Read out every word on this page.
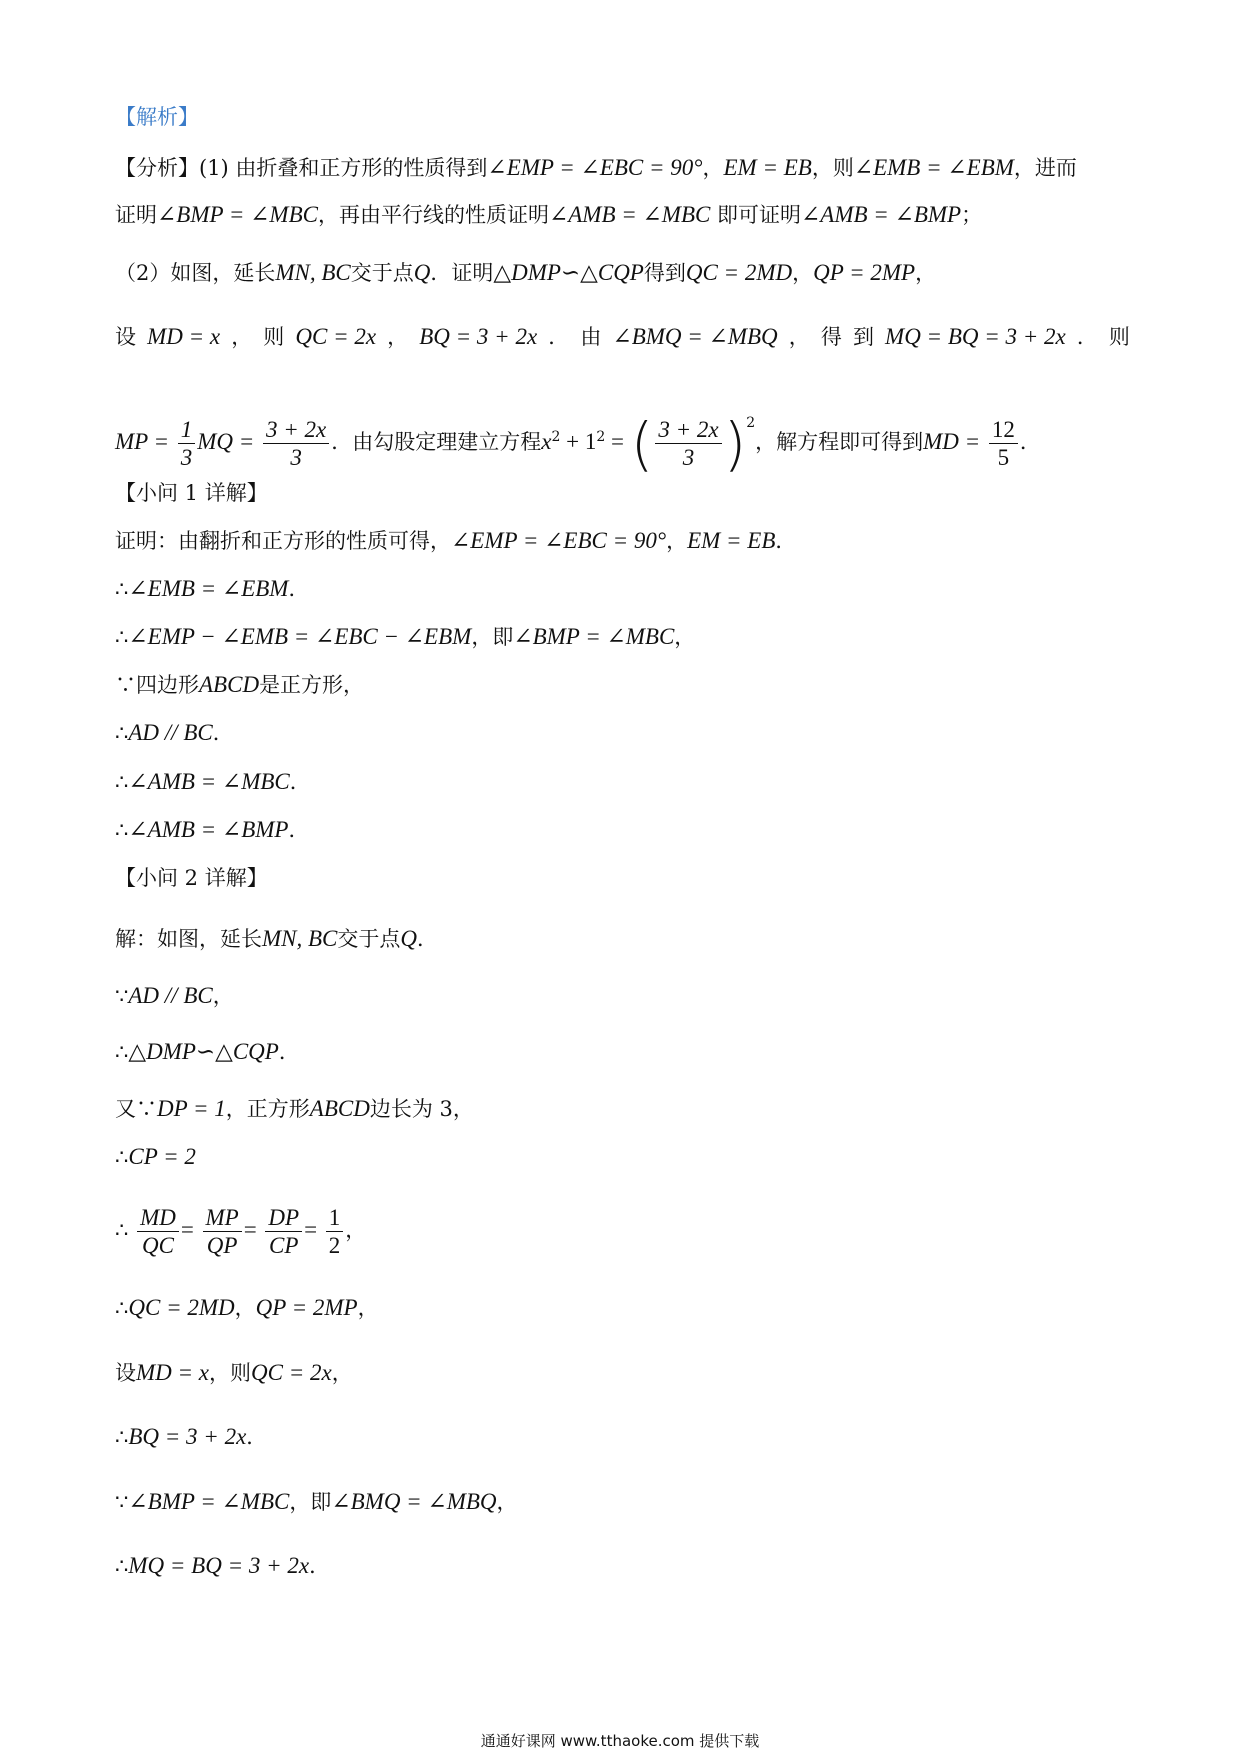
【解析】
【分析】(1) 由折叠和正方形的性质得到∠EMP = ∠EBC = 90°，EM = EB，则∠EMB = ∠EBM，进而
证明∠BMP = ∠MBC，再由平行线的性质证明∠AMB = ∠MBC 即可证明∠AMB = ∠BMP；
（2）如图，延长MN, BC交于点Q．证明△DMP∽△CQP得到QC = 2MD，QP = 2MP，
设 MD = x ， 则 QC = 2x ， BQ = 3 + 2x ． 由 ∠BMQ = ∠MBQ ， 得 到 MQ = BQ = 3 + 2x ． 则
MP = $\frac{1}{3}$ MQ = $\frac{3 + 2x}{3}$ ．由勾股定理建立方程$x^2 + 1^2$ = ( $\frac{3 + 2x}{3}$ ) $^2$，解方程即可得到MD = $\frac{12}{5}$ ．
【小问 1 详解】
证明：由翻折和正方形的性质可得，∠EMP = ∠EBC = 90°，EM = EB．
∴∠EMB = ∠EBM．
∴∠EMP − ∠EMB = ∠EBC − ∠EBM，即∠BMP = ∠MBC，
∵四边形ABCD是正方形，
∴AD // BC．
∴∠AMB = ∠MBC．
∴∠AMB = ∠BMP．
【小问 2 详解】
解：如图，延长MN, BC交于点Q．
∵AD // BC，
∴△DMP∽△CQP．
又∵DP = 1，正方形ABCD边长为 3，
∴CP = 2
∴ $\frac{MD}{QC} = \frac{MP}{QP} = \frac{DP}{CP} = \frac{1}{2}$ ，
∴QC = 2MD，QP = 2MP，
设MD = x，则QC = 2x，
∴BQ = 3 + 2x．
∵∠BMP = ∠MBC，即∠BMQ = ∠MBQ，
∴MQ = BQ = 3 + 2x．
通通好课网 www.tthaoke.com 提供下载
